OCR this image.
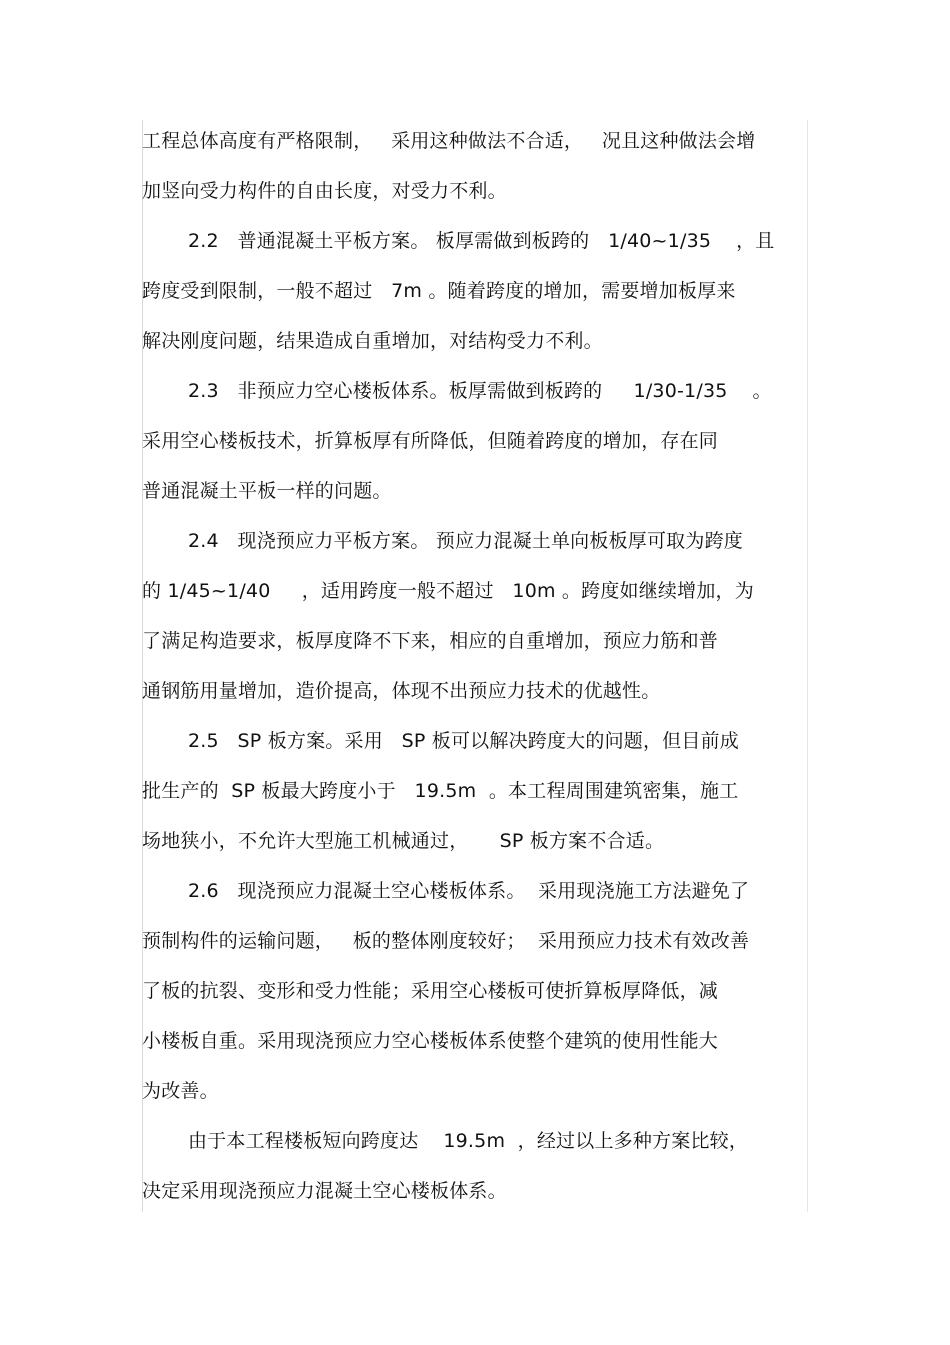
工程总体高度有严格限制，   采用这种做法不合适，   况且这种做法会增
加竖向受力构件的自由长度，对受力不利。
2.2   普通混凝土平板方案。 板厚需做到板跨的   1/40~1/35    ，且
跨度受到限制，一般不超过   7m 。随着跨度的增加，需要增加板厚来
解决刚度问题，结果造成自重增加，对结构受力不利。
2.3   非预应力空心楼板体系。板厚需做到板跨的     1/30-1/35    。
采用空心楼板技术，折算板厚有所降低，但随着跨度的增加，存在同
普通混凝土平板一样的问题。
2.4   现浇预应力平板方案。 预应力混凝土单向板板厚可取为跨度
的 1/45~1/40     ，适用跨度一般不超过   10m 。跨度如继续增加，为
了满足构造要求，板厚度降不下来，相应的自重增加，预应力筋和普
通钢筋用量增加，造价提高，体现不出预应力技术的优越性。
2.5   SP 板方案。采用   SP 板可以解决跨度大的问题，但目前成
批生产的  SP 板最大跨度小于   19.5m  。本工程周围建筑密集，施工
场地狭小，不允许大型施工机械通过，     SP 板方案不合适。
2.6   现浇预应力混凝土空心楼板体系。  采用现浇施工方法避免了
预制构件的运输问题，   板的整体刚度较好；  采用预应力技术有效改善
了板的抗裂、变形和受力性能；采用空心楼板可使折算板厚降低，减
小楼板自重。采用现浇预应力空心楼板体系使整个建筑的使用性能大
为改善。
由于本工程楼板短向跨度达    19.5m  ，经过以上多种方案比较，
决定采用现浇预应力混凝土空心楼板体系。
